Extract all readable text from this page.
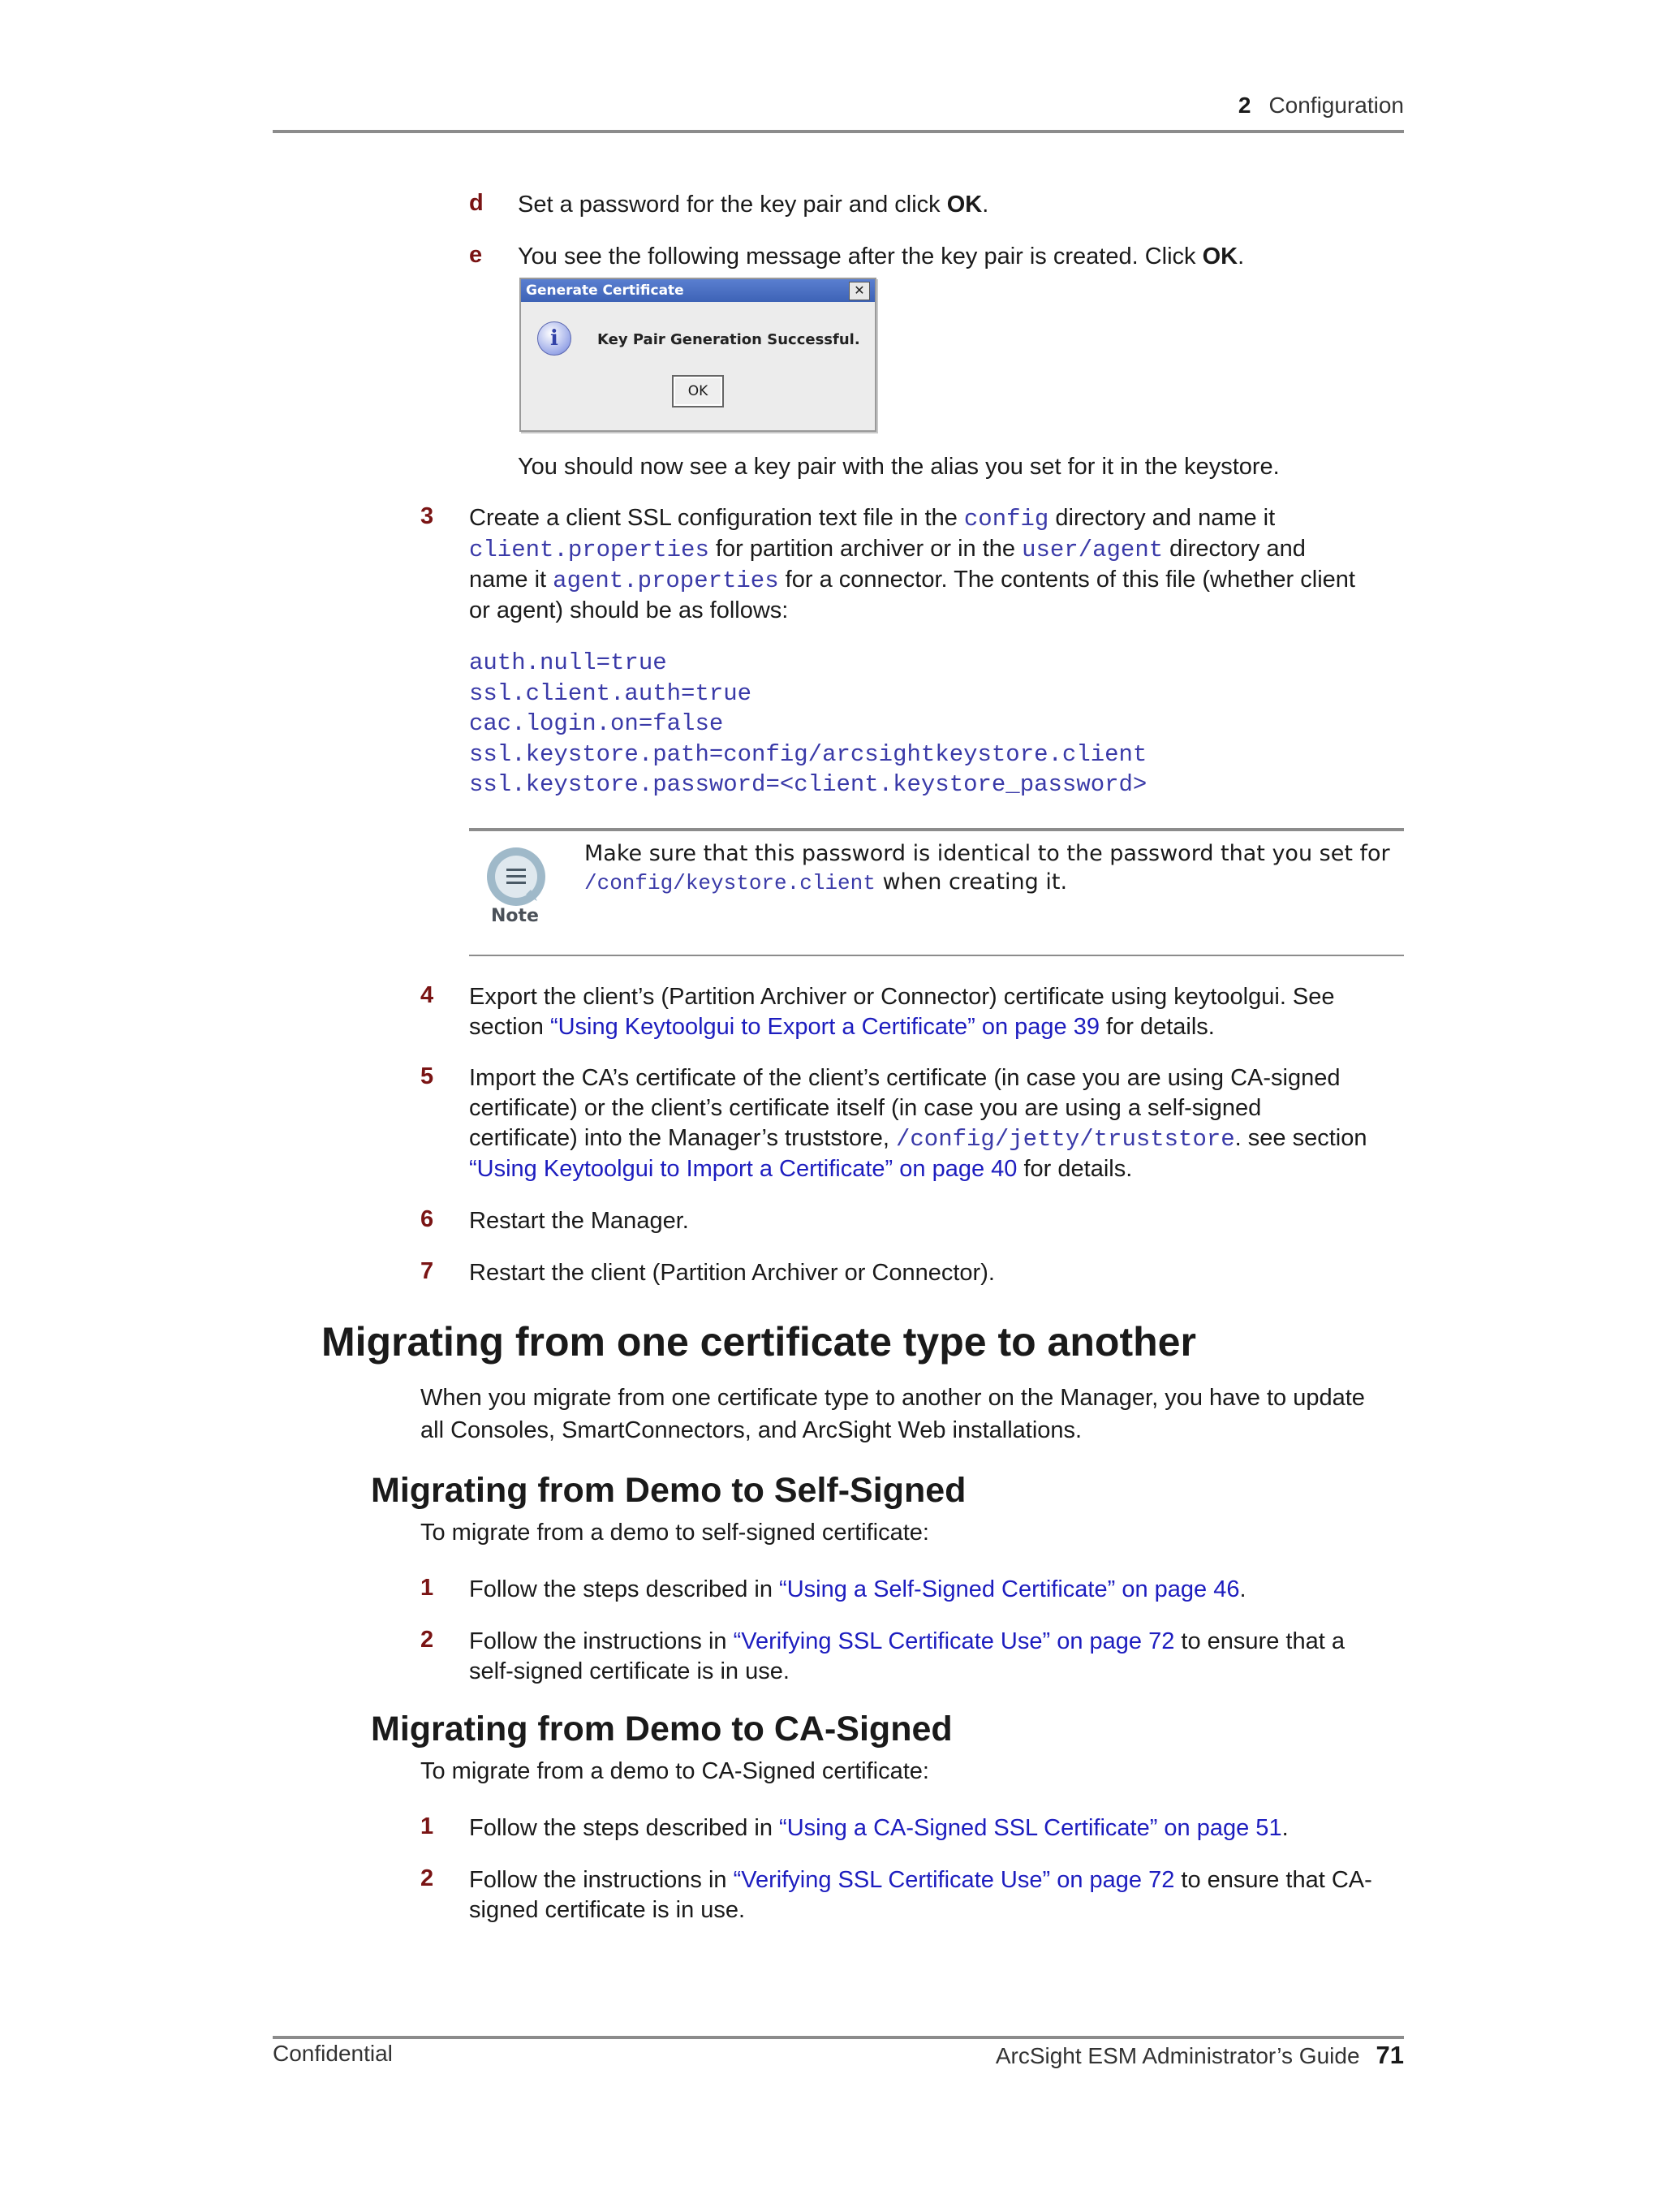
2 Configuration
d Set a password for the key pair and click OK.
e You see the following message after the key pair is created. Click OK.
Generate Certificate	✕
i	Key Pair Generation Successful.
OK
You should now see a key pair with the alias you set for it in the keystore.
3 Create a client SSL configuration text file in the config directory and name it
client.properties for partition archiver or in the user/agent directory and
name it agent.properties for a connector. The contents of this file (whether client
or agent) should be as follows:
auth.null=true
ssl.client.auth=true
cac.login.on=false
ssl.keystore.path=config/arcsightkeystore.client
ssl.keystore.password=<client.keystore_password>
Note
Make sure that this password is identical to the password that you set for
/config/keystore.client when creating it.
4 Export the client’s (Partition Archiver or Connector) certificate using keytoolgui. See
section “Using Keytoolgui to Export a Certificate” on page 39 for details.
5 Import the CA’s certificate of the client’s certificate (in case you are using CA-signed
certificate) or the client’s certificate itself (in case you are using a self-signed
certificate) into the Manager’s truststore, /config/jetty/truststore. see section
“Using Keytoolgui to Import a Certificate” on page 40 for details.
6 Restart the Manager.
7 Restart the client (Partition Archiver or Connector).
Migrating from one certificate type to another
When you migrate from one certificate type to another on the Manager, you have to update
all Consoles, SmartConnectors, and ArcSight Web installations.
Migrating from Demo to Self-Signed
To migrate from a demo to self-signed certificate:
1 Follow the steps described in “Using a Self-Signed Certificate” on page 46.
2 Follow the instructions in “Verifying SSL Certificate Use” on page 72 to ensure that a
self-signed certificate is in use.
Migrating from Demo to CA-Signed
To migrate from a demo to CA-Signed certificate:
1 Follow the steps described in “Using a CA-Signed SSL Certificate” on page 51.
2 Follow the instructions in “Verifying SSL Certificate Use” on page 72 to ensure that CA-
signed certificate is in use.
Confidential	ArcSight ESM Administrator’s Guide 71
